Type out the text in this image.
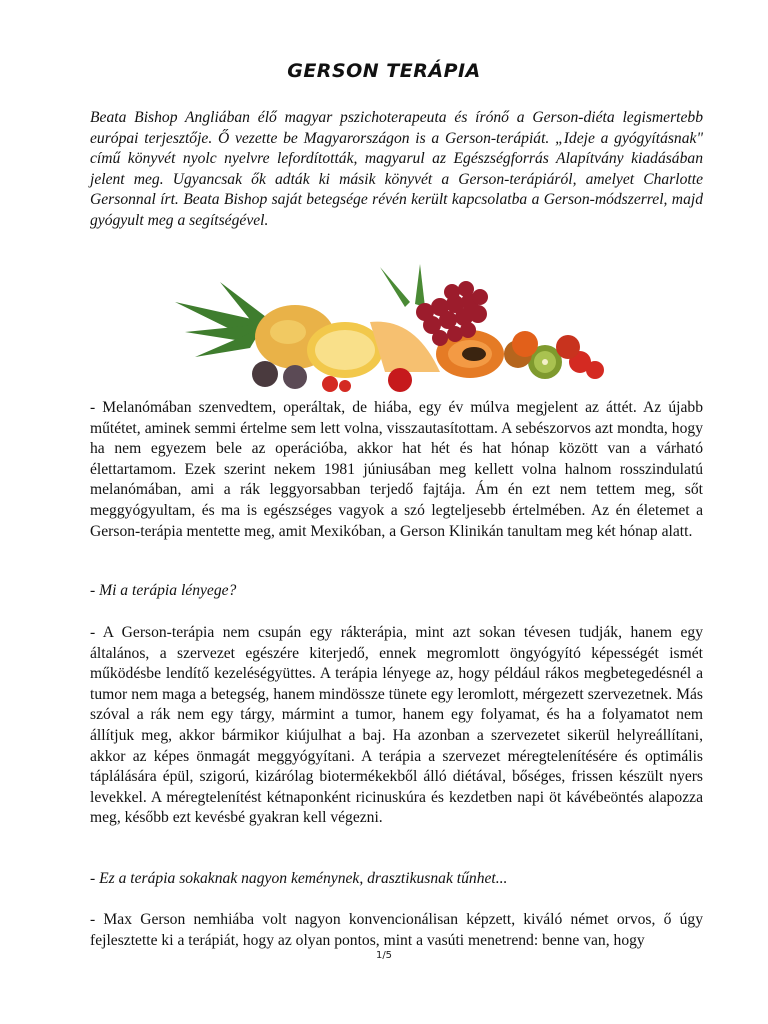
GERSON TERÁPIA

Beata Bishop Angliában élő magyar pszichoterapeuta és írónő a Gerson-diéta legismertebb európai terjesztője. Ő vezette be Magyarországon is a Gerson-terápiát. „Ideje a gyógyításnak" című könyvét nyolc nyelvre lefordították, magyarul az Egészségforrás Alapítvány kiadásában jelent meg. Ugyancsak ők adták ki másik könyvét a Gerson-terápiáról, amelyet Charlotte Gersonnal írt. Beata Bishop saját betegsége révén került kapcsolatba a Gerson-módszerrel, majd gyógyult meg a segítségével.

- Melanómában szenvedtem, operáltak, de hiába, egy év múlva megjelent az áttét. Az újabb műtétet, aminek semmi értelme sem lett volna, visszautasítottam. A sebészorvos azt mondta, hogy ha nem egyezem bele az operációba, akkor hat hét és hat hónap között van a várható élettartamom. Ezek szerint nekem 1981 júniusában meg kellett volna halnom rosszindulatú melanómában, ami a rák leggyorsabban terjedő fajtája. Ám én ezt nem tettem meg, sőt meggyógyultam, és ma is egészséges vagyok a szó legteljesebb értelmében. Az én életemet a Gerson-terápia mentette meg, amit Mexikóban, a Gerson Klinikán tanultam meg két hónap alatt.

- Mi a terápia lényege?

- A Gerson-terápia nem csupán egy rákterápia, mint azt sokan tévesen tudják, hanem egy általános, a szervezet egészére kiterjedő, ennek megromlott öngyógyító képességét ismét működésbe lendítő kezeléségyüttes. A terápia lényege az, hogy például rákos megbetegedésnél a tumor nem maga a betegség, hanem mindössze tünete egy leromlott, mérgezett szervezetnek. Más szóval a rák nem egy tárgy, mármint a tumor, hanem egy folyamat, és ha a folyamatot nem állítjuk meg, akkor bármikor kiújulhat a baj. Ha azonban a szervezetet sikerül helyreállítani, akkor az képes önmagát meggyógyítani. A terápia a szervezet méregtelenítésére és optimális táplálására épül, szigorú, kizárólag biotermékekből álló diétával, bőséges, frissen készült nyers levekkel. A méregtelenítést kétnaponként ricinuskúra és kezdetben napi öt kávébeöntés alapozza meg, később ezt kevésbé gyakran kell végezni.

- Ez a terápia sokaknak nagyon keménynek, drasztikusnak tűnhet...

- Max Gerson nemhiába volt nagyon konvencionálisan képzett, kiváló német orvos, ő úgy fejlesztette ki a terápiát, hogy az olyan pontos, mint a vasúti menetrend: benne van, hogy

1/5
